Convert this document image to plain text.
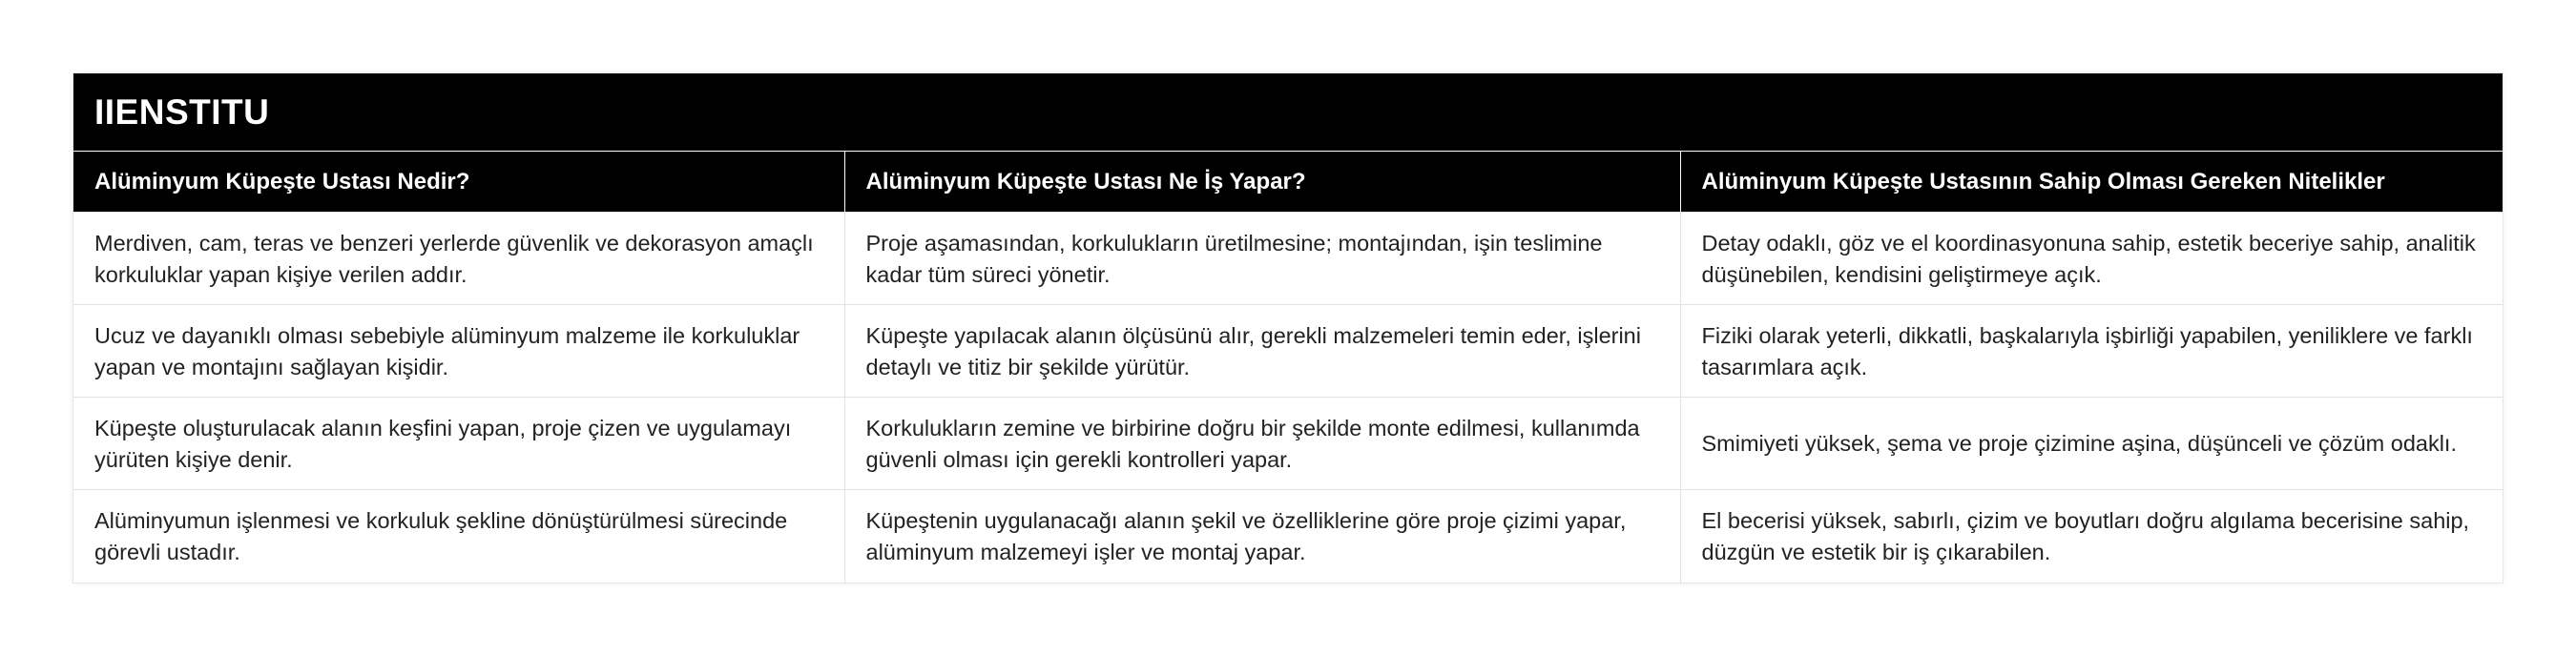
IIENSTITU
Alüminyum Küpeşte Ustası Nedir?	Alüminyum Küpeşte Ustası Ne İş Yapar?	Alüminyum Küpeşte Ustasının Sahip Olması Gereken Nitelikler
Merdiven, cam, teras ve benzeri yerlerde güvenlik ve dekorasyon amaçlı korkuluklar yapan kişiye verilen addır.	Proje aşamasından, korkulukların üretilmesine; montajından, işin teslimine kadar tüm süreci yönetir.	Detay odaklı, göz ve el koordinasyonuna sahip, estetik beceriye sahip, analitik düşünebilen, kendisini geliştirmeye açık.
Ucuz ve dayanıklı olması sebebiyle alüminyum malzeme ile korkuluklar yapan ve montajını sağlayan kişidir.	Küpeşte yapılacak alanın ölçüsünü alır, gerekli malzemeleri temin eder, işlerini detaylı ve titiz bir şekilde yürütür.	Fiziki olarak yeterli, dikkatli, başkalarıyla işbirliği yapabilen, yeniliklere ve farklı tasarımlara açık.
Küpeşte oluşturulacak alanın keşfini yapan, proje çizen ve uygulamayı yürüten kişiye denir.	Korkulukların zemine ve birbirine doğru bir şekilde monte edilmesi, kullanımda güvenli olması için gerekli kontrolleri yapar.	Smimiyeti yüksek, şema ve proje çizimine aşina, düşünceli ve çözüm odaklı.
Alüminyumun işlenmesi ve korkuluk şekline dönüştürülmesi sürecinde görevli ustadır.	Küpeştenin uygulanacağı alanın şekil ve özelliklerine göre proje çizimi yapar, alüminyum malzemeyi işler ve montaj yapar.	El becerisi yüksek, sabırlı, çizim ve boyutları doğru algılama becerisine sahip, düzgün ve estetik bir iş çıkarabilen.
